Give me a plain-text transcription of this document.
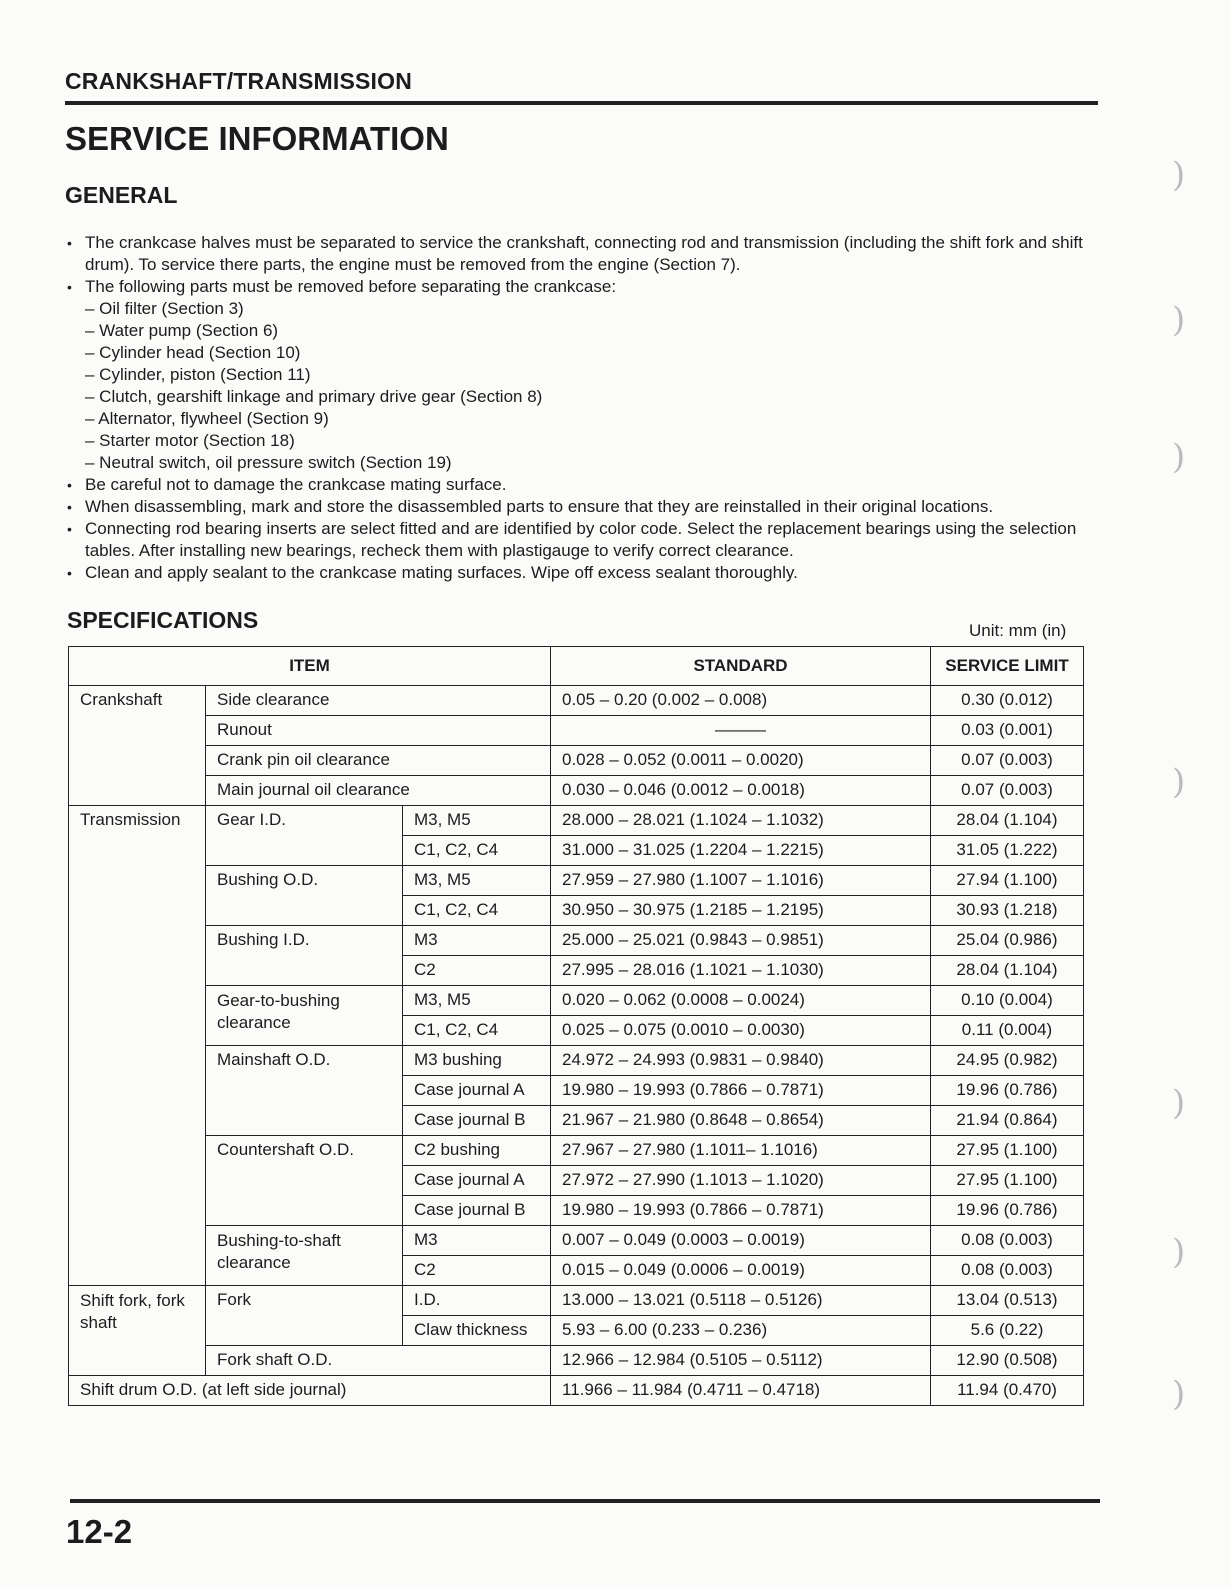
CRANKSHAFT/TRANSMISSION
SERVICE INFORMATION
GENERAL
• The crankcase halves must be separated to service the crankshaft, connecting rod and transmission (including the shift fork and shift drum). To service there parts, the engine must be removed from the engine (Section 7).
• The following parts must be removed before separating the crankcase:
– Oil filter (Section 3)
– Water pump (Section 6)
– Cylinder head (Section 10)
– Cylinder, piston (Section 11)
– Clutch, gearshift linkage and primary drive gear (Section 8)
– Alternator, flywheel (Section 9)
– Starter motor (Section 18)
– Neutral switch, oil pressure switch (Section 19)
• Be careful not to damage the crankcase mating surface.
• When disassembling, mark and store the disassembled parts to ensure that they are reinstalled in their original locations.
• Connecting rod bearing inserts are select fitted and are identified by color code. Select the replacement bearings using the selection tables. After installing new bearings, recheck them with plastigauge to verify correct clearance.
• Clean and apply sealant to the crankcase mating surfaces. Wipe off excess sealant thoroughly.
SPECIFICATIONS	Unit: mm (in)
ITEM			STANDARD	SERVICE LIMIT
Crankshaft	Side clearance		0.05 – 0.20 (0.002 – 0.008)	0.30 (0.012)
	Runout		———	0.03 (0.001)
	Crank pin oil clearance		0.028 – 0.052 (0.0011 – 0.0020)	0.07 (0.003)
	Main journal oil clearance		0.030 – 0.046 (0.0012 – 0.0018)	0.07 (0.003)
Transmission	Gear I.D.	M3, M5	28.000 – 28.021 (1.1024 – 1.1032)	28.04 (1.104)
		C1, C2, C4	31.000 – 31.025 (1.2204 – 1.2215)	31.05 (1.222)
	Bushing O.D.	M3, M5	27.959 – 27.980 (1.1007 – 1.1016)	27.94 (1.100)
		C1, C2, C4	30.950 – 30.975 (1.2185 – 1.2195)	30.93 (1.218)
	Bushing I.D.	M3	25.000 – 25.021 (0.9843 – 0.9851)	25.04 (0.986)
		C2	27.995 – 28.016 (1.1021 – 1.1030)	28.04 (1.104)
	Gear-to-bushing clearance	M3, M5	0.020 – 0.062 (0.0008 – 0.0024)	0.10 (0.004)
		C1, C2, C4	0.025 – 0.075 (0.0010 – 0.0030)	0.11 (0.004)
	Mainshaft O.D.	M3 bushing	24.972 – 24.993 (0.9831 – 0.9840)	24.95 (0.982)
		Case journal A	19.980 – 19.993 (0.7866 – 0.7871)	19.96 (0.786)
		Case journal B	21.967 – 21.980 (0.8648 – 0.8654)	21.94 (0.864)
	Countershaft O.D.	C2 bushing	27.967 – 27.980 (1.1011– 1.1016)	27.95 (1.100)
		Case journal A	27.972 – 27.990 (1.1013 – 1.1020)	27.95 (1.100)
		Case journal B	19.980 – 19.993 (0.7866 – 0.7871)	19.96 (0.786)
	Bushing-to-shaft clearance	M3	0.007 – 0.049 (0.0003 – 0.0019)	0.08 (0.003)
		C2	0.015 – 0.049 (0.0006 – 0.0019)	0.08 (0.003)
Shift fork, fork shaft	Fork	I.D.	13.000 – 13.021 (0.5118 – 0.5126)	13.04 (0.513)
		Claw thickness	5.93 – 6.00 (0.233 – 0.236)	5.6 (0.22)
	Fork shaft O.D.		12.966 – 12.984 (0.5105 – 0.5112)	12.90 (0.508)
Shift drum O.D. (at left side journal)			11.966 – 11.984 (0.4711 – 0.4718)	11.94 (0.470)
12-2
)
)
)
)
)
)
)
